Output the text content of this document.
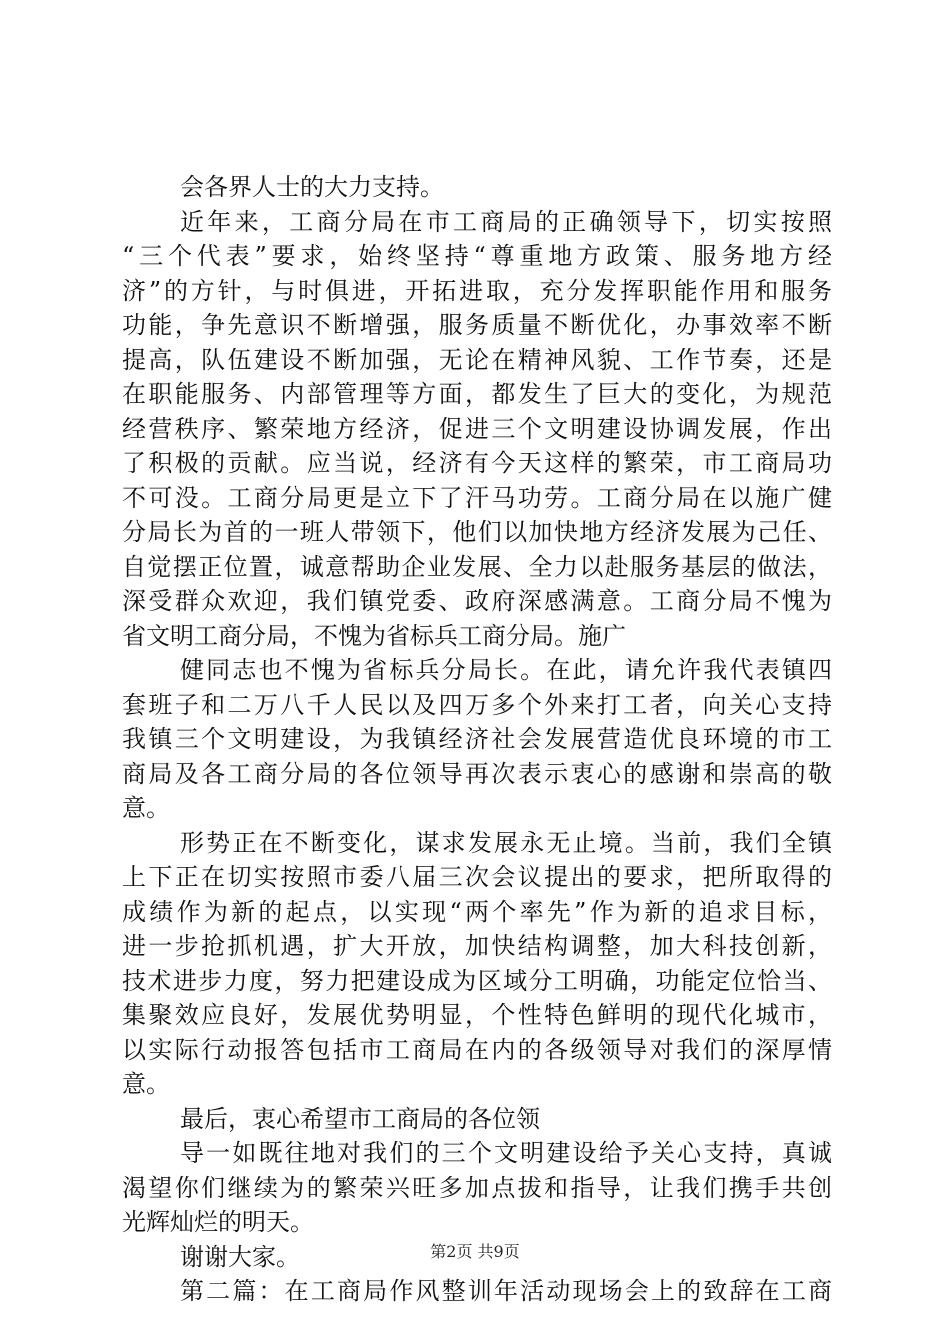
会各界人士的大力支持。
近年来，工商分局在市工商局的正确领导下，切实按照
“三个代表”要求，始终坚持“尊重地方政策、服务地方经
济”的方针，与时俱进，开拓进取，充分发挥职能作用和服务
功能，争先意识不断增强，服务质量不断优化，办事效率不断
提高，队伍建设不断加强，无论在精神风貌、工作节奏，还是
在职能服务、内部管理等方面，都发生了巨大的变化，为规范
经营秩序、繁荣地方经济，促进三个文明建设协调发展，作出
了积极的贡献。应当说，经济有今天这样的繁荣，市工商局功
不可没。工商分局更是立下了汗马功劳。工商分局在以施广健
分局长为首的一班人带领下，他们以加快地方经济发展为己任、
自觉摆正位置，诚意帮助企业发展、全力以赴服务基层的做法，
深受群众欢迎，我们镇党委、政府深感满意。工商分局不愧为
省文明工商分局，不愧为省标兵工商分局。施广
健同志也不愧为省标兵分局长。在此，请允许我代表镇四
套班子和二万八千人民以及四万多个外来打工者，向关心支持
我镇三个文明建设，为我镇经济社会发展营造优良环境的市工
商局及各工商分局的各位领导再次表示衷心的感谢和崇高的敬
意。
形势正在不断变化，谋求发展永无止境。当前，我们全镇
上下正在切实按照市委八届三次会议提出的要求，把所取得的
成绩作为新的起点，以实现“两个率先”作为新的追求目标，
进一步抢抓机遇，扩大开放，加快结构调整，加大科技创新，
技术进步力度，努力把建设成为区域分工明确，功能定位恰当、
集聚效应良好，发展优势明显，个性特色鲜明的现代化城市，
以实际行动报答包括市工商局在内的各级领导对我们的深厚情
意。
最后，衷心希望市工商局的各位领
导一如既往地对我们的三个文明建设给予关心支持，真诚
渴望你们继续为的繁荣兴旺多加点拔和指导，让我们携手共创
光辉灿烂的明天。
谢谢大家。
第二篇：在工商局作风整训年活动现场会上的致辞在工商
第2页 共9页
